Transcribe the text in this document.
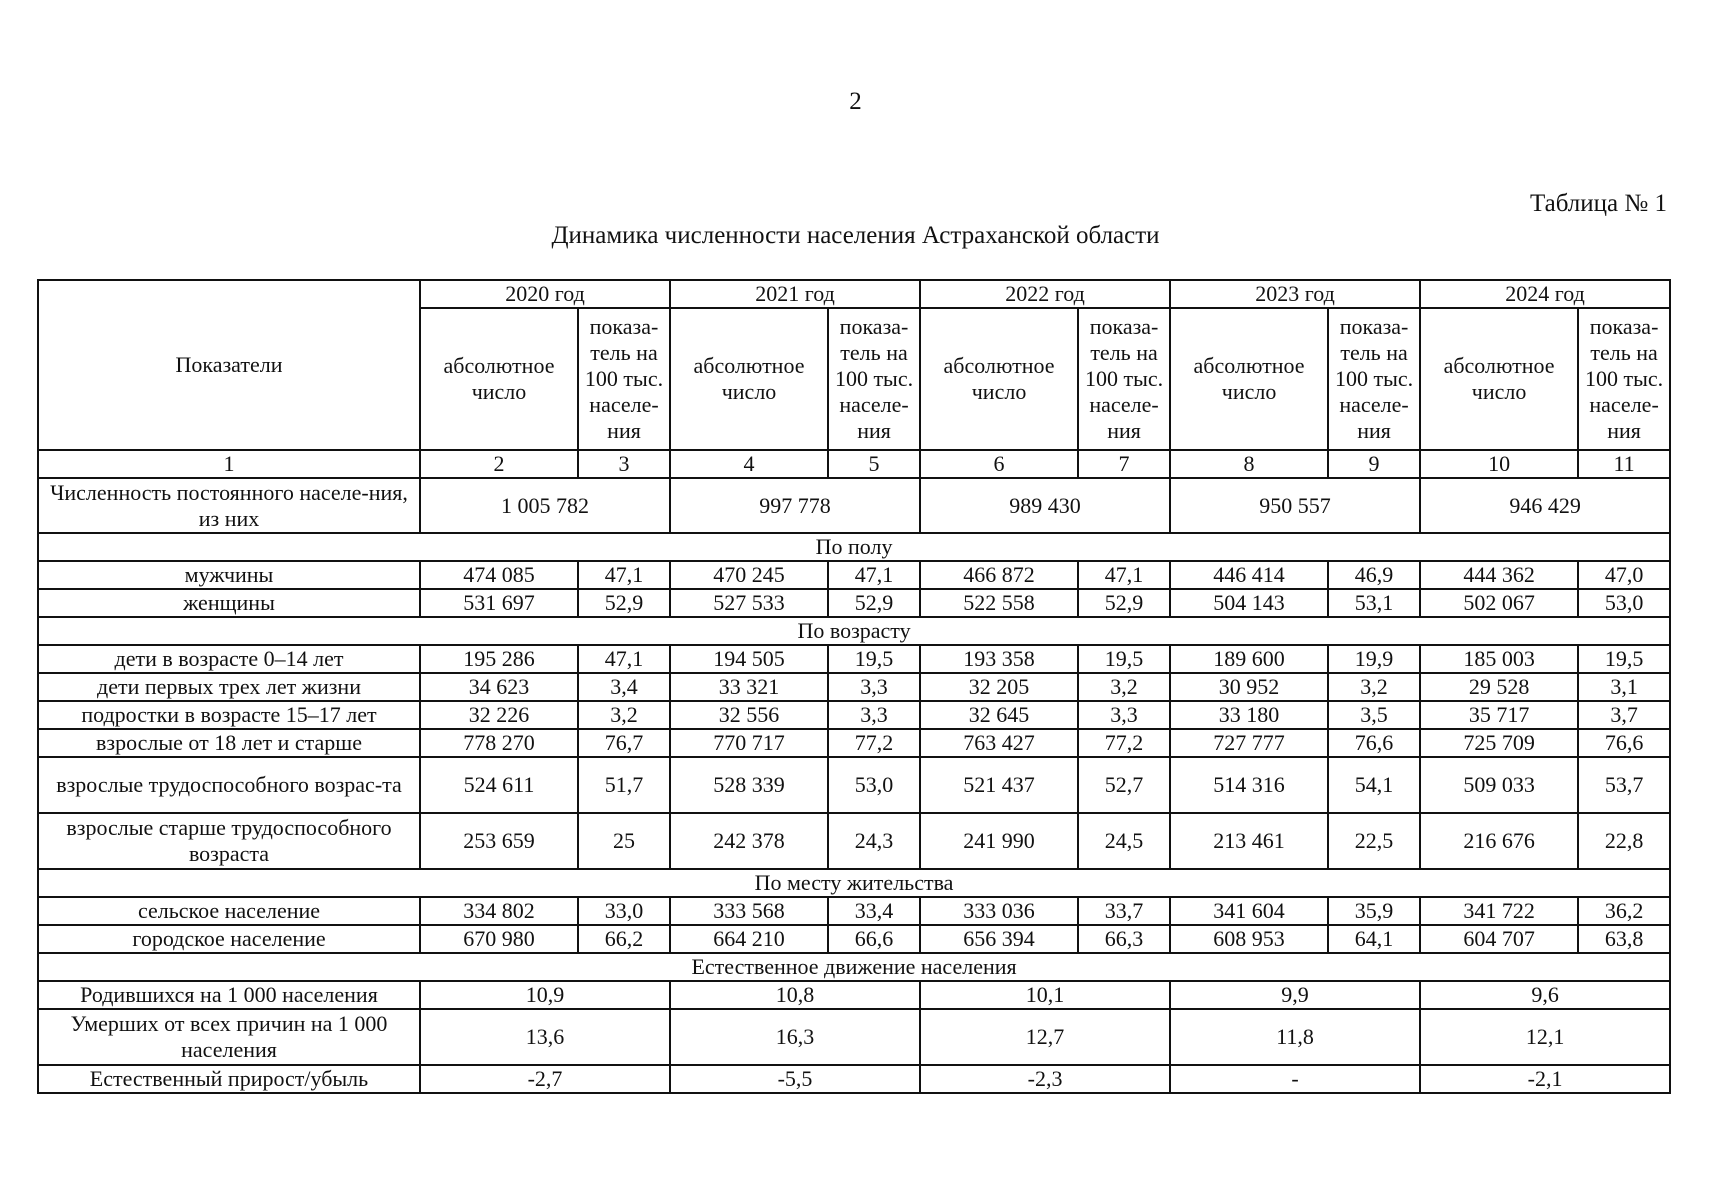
2
Таблица № 1
Динамика численности населения Астраханской области
Показатели	2020 год		2021 год		2022 год		2023 год		2024 год	
	абсолютное число	показа-тель на 100 тыс. населе-ния	абсолютное число	показа-тель на 100 тыс. населе-ния	абсолютное число	показа-тель на 100 тыс. населе-ния	абсолютное число	показа-тель на 100 тыс. населе-ния	абсолютное число	показа-тель на 100 тыс. населе-ния
1	2	3	4	5	6	7	8	9	10	11
Численность постоянного населе-ния, из них	1 005 782		997 778		989 430		950 557		946 429	
По полу										
мужчины	474 085	47,1	470 245	47,1	466 872	47,1	446 414	46,9	444 362	47,0
женщины	531 697	52,9	527 533	52,9	522 558	52,9	504 143	53,1	502 067	53,0
По возрасту										
дети в возрасте 0–14 лет	195 286	47,1	194 505	19,5	193 358	19,5	189 600	19,9	185 003	19,5
дети первых трех лет жизни	34 623	3,4	33 321	3,3	32 205	3,2	30 952	3,2	29 528	3,1
подростки в возрасте 15–17 лет	32 226	3,2	32 556	3,3	32 645	3,3	33 180	3,5	35 717	3,7
взрослые от 18 лет и старше	778 270	76,7	770 717	77,2	763 427	77,2	727 777	76,6	725 709	76,6
взрослые трудоспособного возрас-та	524 611	51,7	528 339	53,0	521 437	52,7	514 316	54,1	509 033	53,7
взрослые старше трудоспособного возраста	253 659	25	242 378	24,3	241 990	24,5	213 461	22,5	216 676	22,8
По месту жительства										
сельское население	334 802	33,0	333 568	33,4	333 036	33,7	341 604	35,9	341 722	36,2
городское население	670 980	66,2	664 210	66,6	656 394	66,3	608 953	64,1	604 707	63,8
Естественное движение населения										
Родившихся на 1 000 населения	10,9		10,8		10,1		9,9		9,6	
Умерших от всех причин на 1 000 населения	13,6		16,3		12,7		11,8		12,1	
Естественный прирост/убыль	-2,7		-5,5		-2,3		-		-2,1	
